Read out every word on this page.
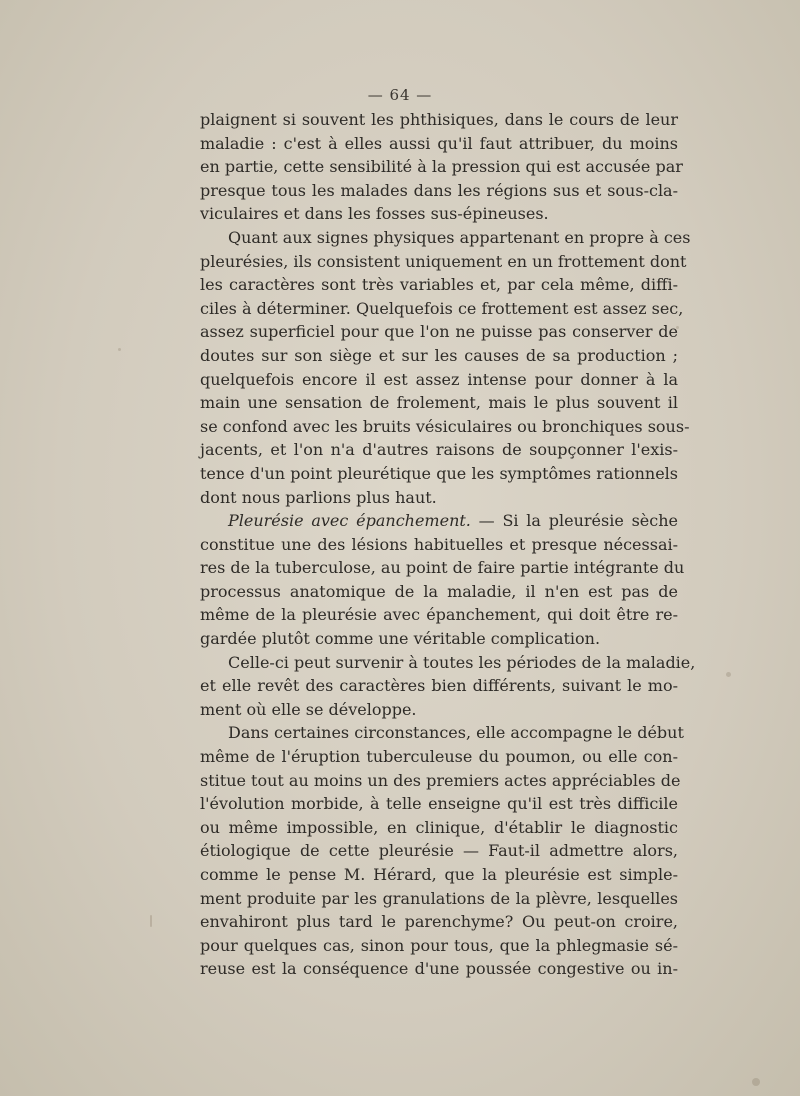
— 64 —
plaignent si souvent les phthisiques, dans le cours de leur
maladie : c'est à elles aussi qu'il faut attribuer, du moins
en partie, cette sensibilité à la pression qui est accusée par
presque tous les malades dans les régions sus et sous-cla-
viculaires et dans les fosses sus-épineuses.
Quant aux signes physiques appartenant en propre à ces
pleurésies, ils consistent uniquement en un frottement dont
les caractères sont très variables et, par cela même, diffi-
ciles à déterminer. Quelquefois ce frottement est assez sec,
assez superficiel pour que l'on ne puisse pas conserver de
doutes sur son siège et sur les causes de sa production ;
quelquefois encore il est assez intense pour donner à la
main une sensation de frolement, mais le plus souvent il
se confond avec les bruits vésiculaires ou bronchiques sous-
jacents, et l'on n'a d'autres raisons de soupçonner l'exis-
tence d'un point pleurétique que les symptômes rationnels
dont nous parlions plus haut.
Pleurésie avec épanchement. — Si la pleurésie sèche
constitue une des lésions habituelles et presque nécessai-
res de la tuberculose, au point de faire partie intégrante du
processus anatomique de la maladie, il n'en est pas de
même de la pleurésie avec épanchement, qui doit être re-
gardée plutôt comme une véritable complication.
Celle-ci peut survenir à toutes les périodes de la maladie,
et elle revêt des caractères bien différents, suivant le mo-
ment où elle se développe.
Dans certaines circonstances, elle accompagne le début
même de l'éruption tuberculeuse du poumon, ou elle con-
stitue tout au moins un des premiers actes appréciables de
l'évolution morbide, à telle enseigne qu'il est très difficile
ou même impossible, en clinique, d'établir le diagnostic
étiologique de cette pleurésie — Faut-il admettre alors,
comme le pense M. Hérard, que la pleurésie est simple-
ment produite par les granulations de la plèvre, lesquelles
envahiront plus tard le parenchyme? Ou peut-on croire,
pour quelques cas, sinon pour tous, que la phlegmasie sé-
reuse est la conséquence d'une poussée congestive ou in-
